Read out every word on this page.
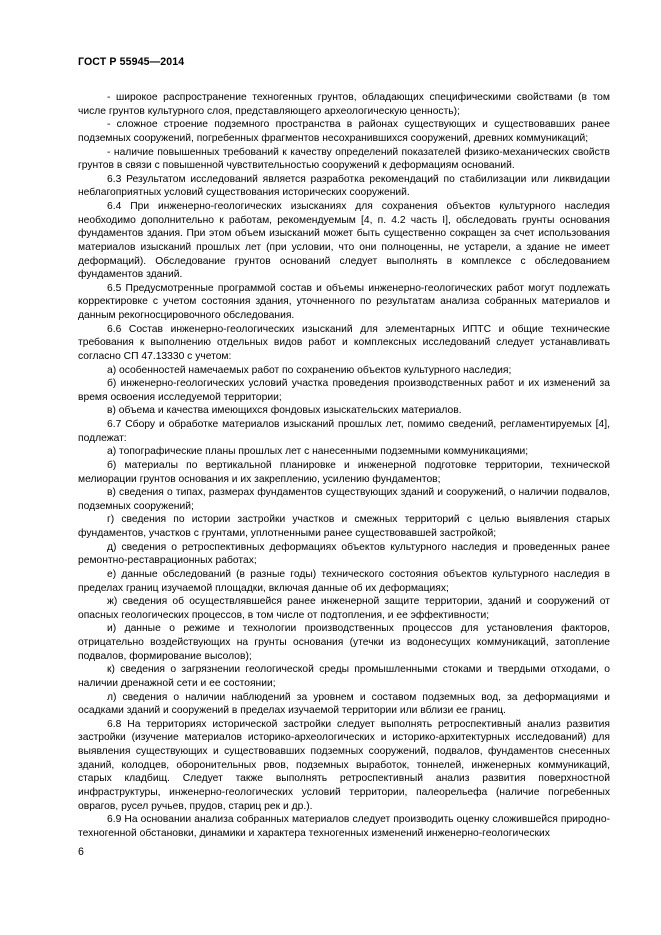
ГОСТ Р 55945—2014

- широкое распространение техногенных грунтов, обладающих специфическими свойствами (в том числе грунтов культурного слоя, представляющего археологическую ценность);

- сложное строение подземного пространства в районах существующих и существовавших ранее подземных сооружений, погребенных фрагментов несохранившихся сооружений, древних коммуникаций;

- наличие повышенных требований к качеству определений показателей физико-механических свойств грунтов в связи с повышенной чувствительностью сооружений к деформациям оснований.

6.3 Результатом исследований является разработка рекомендаций по стабилизации или ликвидации неблагоприятных условий существования исторических сооружений.

6.4 При инженерно-геологических изысканиях для сохранения объектов культурного наследия необходимо дополнительно к работам, рекомендуемым [4, п. 4.2 часть I], обследовать грунты основания фундаментов здания. При этом объем изысканий может быть существенно сокращен за счет использования материалов изысканий прошлых лет (при условии, что они полноценны, не устарели, а здание не имеет деформаций). Обследование грунтов оснований следует выполнять в комплексе с обследованием фундаментов зданий.

6.5 Предусмотренные программой состав и объемы инженерно-геологических работ могут подлежать корректировке с учетом состояния здания, уточненного по результатам анализа собранных материалов и данным рекогносцировочного обследования.

6.6 Состав инженерно-геологических изысканий для элементарных ИПТС и общие технические требования к выполнению отдельных видов работ и комплексных исследований следует устанавливать согласно СП 47.13330 с учетом:

а) особенностей намечаемых работ по сохранению объектов культурного наследия;

б) инженерно-геологических условий участка проведения производственных работ и их изменений за время освоения исследуемой территории;

в) объема и качества имеющихся фондовых изыскательских материалов.

6.7 Сбору и обработке материалов изысканий прошлых лет, помимо сведений, регламентируемых [4], подлежат:

а) топографические планы прошлых лет с нанесенными подземными коммуникациями;

б) материалы по вертикальной планировке и инженерной подготовке территории, технической мелиорации грунтов основания и их закреплению, усилению фундаментов;

в) сведения о типах, размерах фундаментов существующих зданий и сооружений, о наличии подвалов, подземных сооружений;

г) сведения по истории застройки участков и смежных территорий с целью выявления старых фундаментов, участков с грунтами, уплотненными ранее существовавшей застройкой;

д) сведения о ретроспективных деформациях объектов культурного наследия и проведенных ранее ремонтно-реставрационных работах;

е) данные обследований (в разные годы) технического состояния объектов культурного наследия в пределах границ изучаемой площадки, включая данные об их деформациях;

ж) сведения об осуществлявшейся ранее инженерной защите территории, зданий и сооружений от опасных геологических процессов, в том числе от подтопления, и ее эффективности;

и) данные о режиме и технологии производственных процессов для установления факторов, отрицательно воздействующих на грунты основания (утечки из водонесущих коммуникаций, затопление подвалов, формирование высолов);

к) сведения о загрязнении геологической среды промышленными стоками и твердыми отходами, о наличии дренажной сети и ее состоянии;

л) сведения о наличии наблюдений за уровнем и составом подземных вод, за деформациями и осадками зданий и сооружений в пределах изучаемой территории или вблизи ее границ.

6.8 На территориях исторической застройки следует выполнять ретроспективный анализ развития застройки (изучение материалов историко-археологических и историко-архитектурных исследований) для выявления существующих и существовавших подземных сооружений, подвалов, фундаментов снесенных зданий, колодцев, оборонительных рвов, подземных выработок, тоннелей, инженерных коммуникаций, старых кладбищ. Следует также выполнять ретроспективный анализ развития поверхностной инфраструктуры, инженерно-геологических условий территории, палеорельефа (наличие погребенных оврагов, русел ручьев, прудов, стариц рек и др.).

6.9 На основании анализа собранных материалов следует производить оценку сложившейся природно-техногенной обстановки, динамики и характера техногенных изменений инженерно-геологических

6
